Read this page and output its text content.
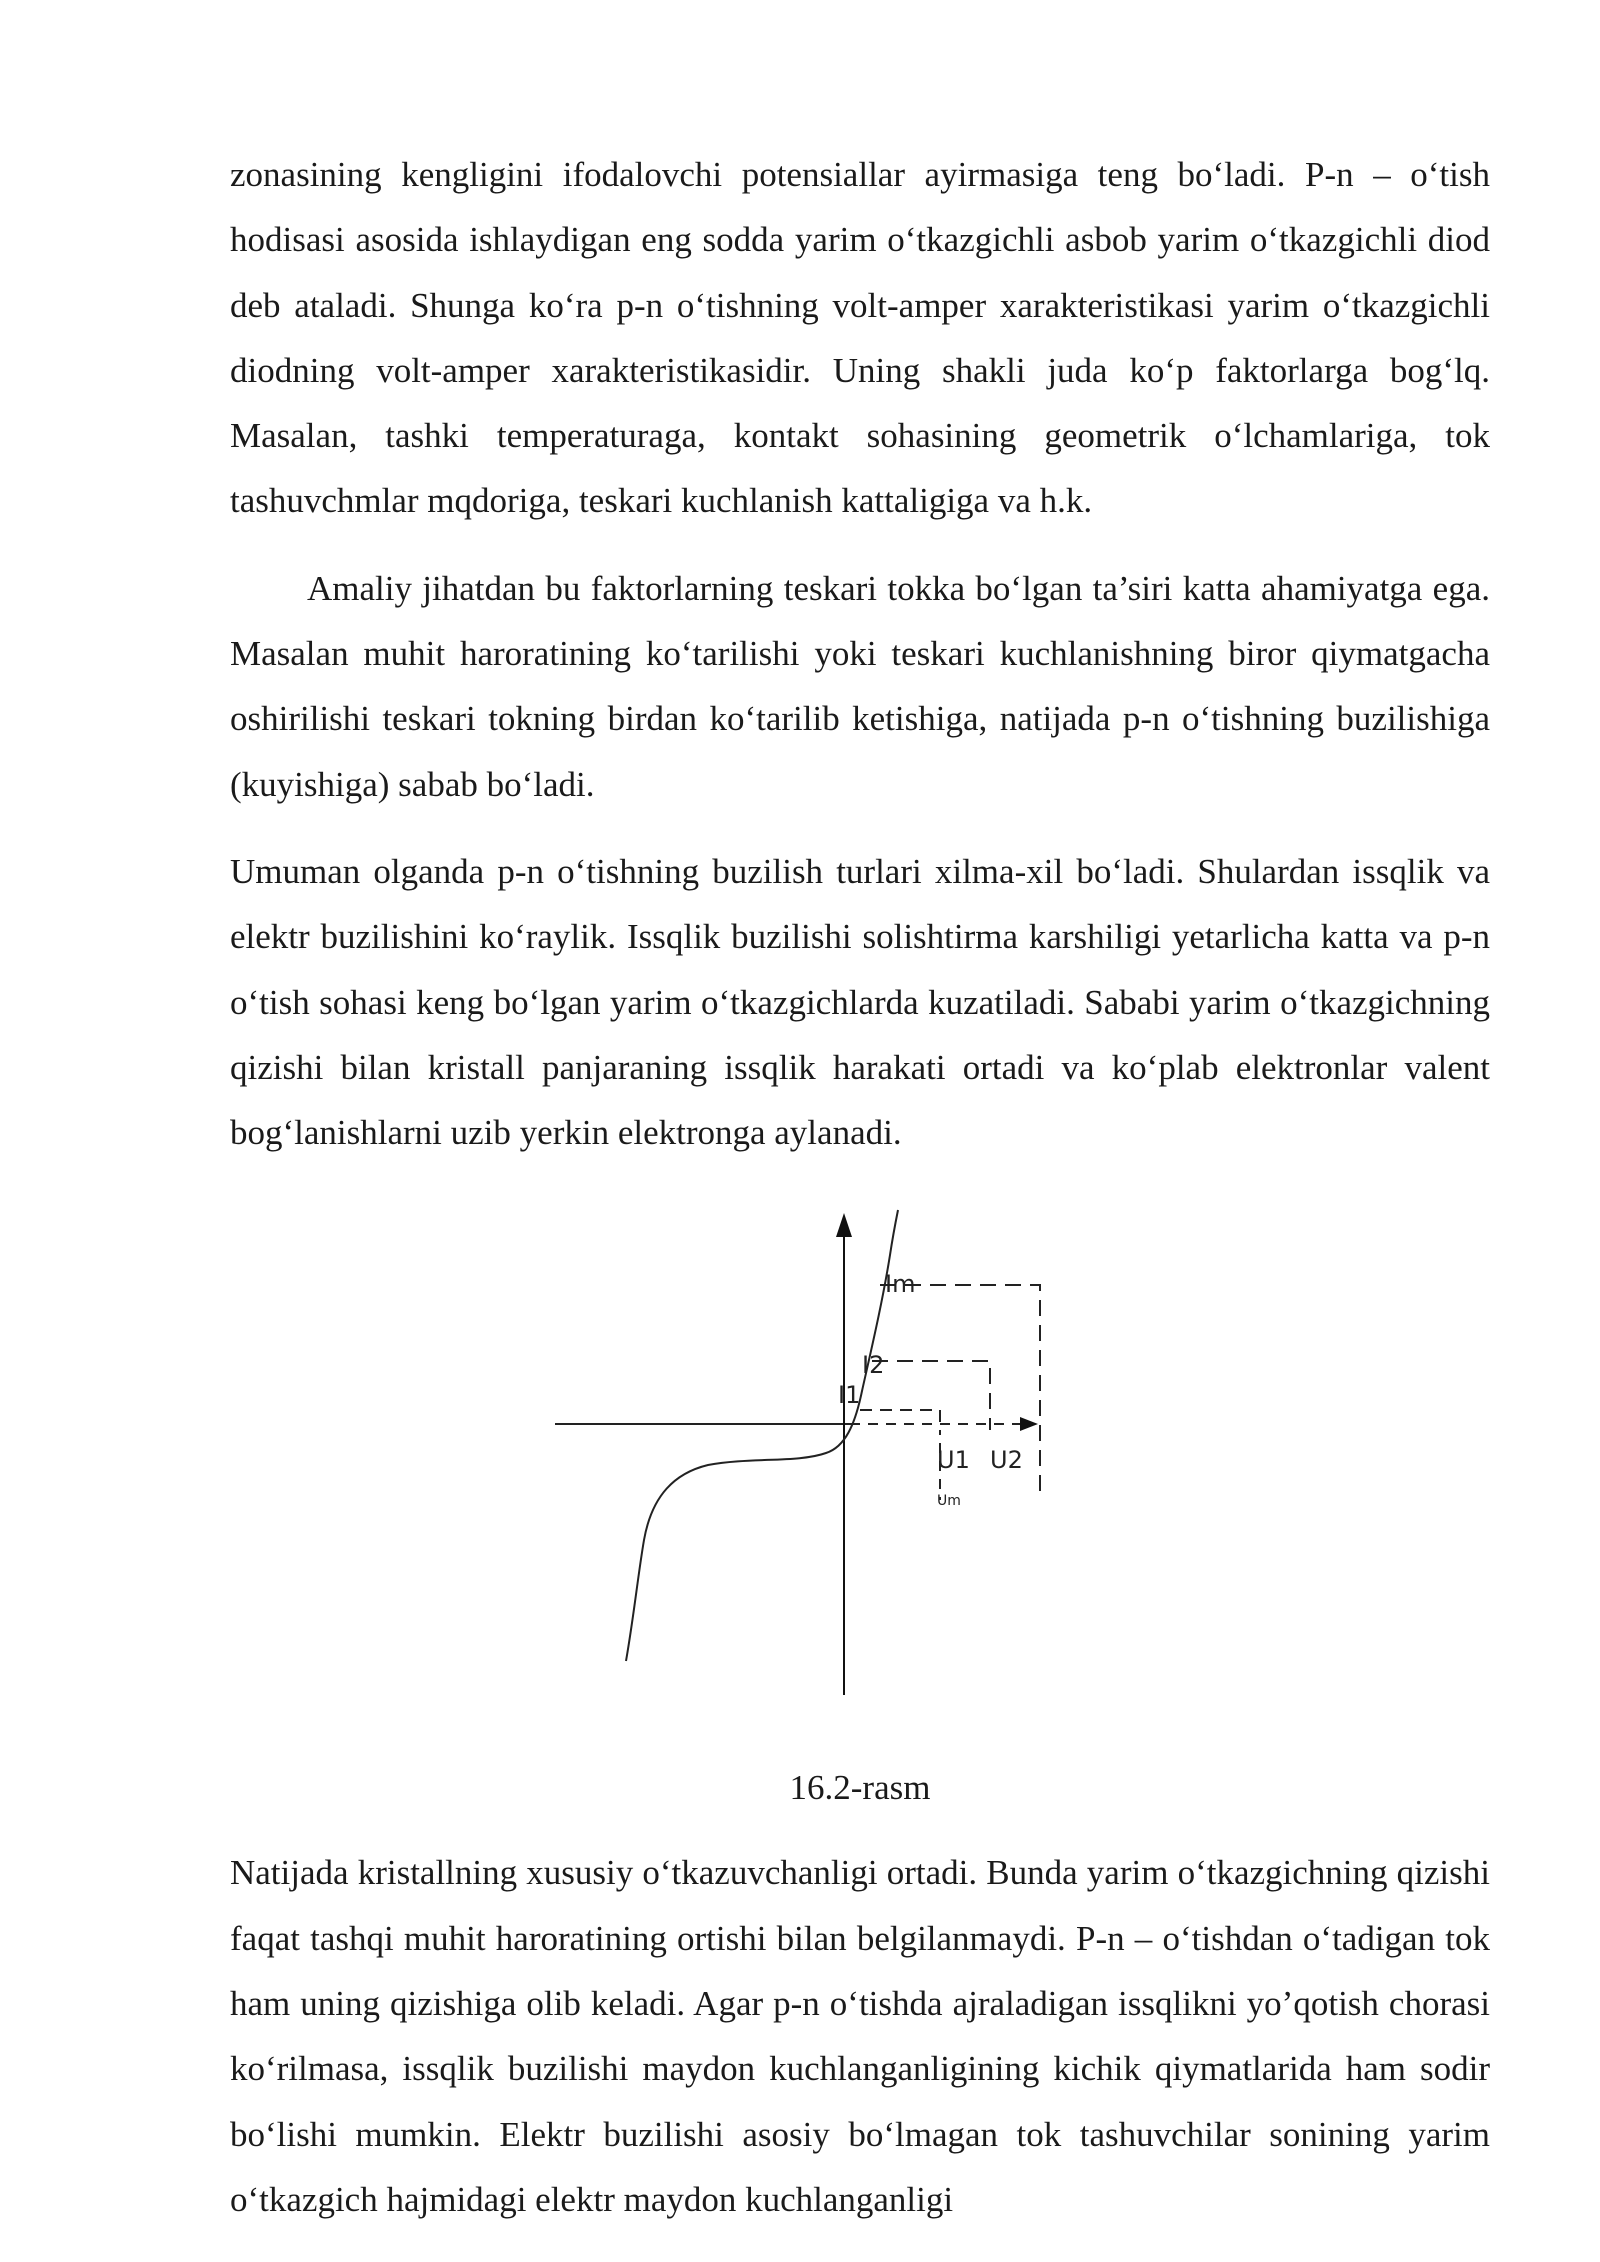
zonasining kengligini ifodalovchi potensiallar ayirmasiga teng bo‘ladi. P-n – o‘tish hodisasi asosida ishlaydigan eng sodda yarim o‘tkazgichli asbob yarim o‘tkazgichli diod deb ataladi. Shunga ko‘ra p-n o‘tishning volt-amper xarakteristikasi yarim o‘tkazgichli diodning volt-amper xarakteristikasidir. Uning shakli juda ko‘p faktorlarga bog‘lq. Masalan, tashki temperaturaga, kontakt sohasining geometrik o‘lchamlariga, tok tashuvchmlar mqdoriga, teskari kuchlanish kattaligiga va h.k.

Amaliy jihatdan bu faktorlarning teskari tokka bo‘lgan ta’siri katta ahamiyatga ega. Masalan muhit haroratining ko‘tarilishi yoki teskari kuchlanishning biror qiymatgacha oshirilishi teskari tokning birdan ko‘tarilib ketishiga, natijada p-n o‘tishning buzilishiga (kuyishiga) sabab bo‘ladi.

Umuman olganda p-n o‘tishning buzilish turlari xilma-xil bo‘ladi. Shulardan issqlik va elektr buzilishini ko‘raylik. Issqlik buzilishi solishtirma karshiligi yetarlicha katta va p-n o‘tish sohasi keng bo‘lgan yarim o‘tkazgichlarda kuzatiladi. Sababi yarim o‘tkazgichning qizishi bilan kristall panjaraning issqlik harakati ortadi va ko‘plab elektronlar valent bog‘lanishlarni uzib yerkin elektronga aylanadi.

Im
I2
I1
U1 U2
Um

16.2-rasm

Natijada kristallning xususiy o‘tkazuvchanligi ortadi. Bunda yarim o‘tkazgichning qizishi faqat tashqi muhit haroratining ortishi bilan belgilanmaydi. P-n – o‘tishdan o‘tadigan tok ham uning qizishiga olib keladi. Agar p-n o‘tishda ajraladigan issqlikni yo’qotish chorasi ko‘rilmasa, issqlik buzilishi maydon kuchlanganligining kichik qiymatlarida ham sodir bo‘lishi mumkin. Elektr buzilishi asosiy bo‘lmagan tok tashuvchilar sonining yarim o‘tkazgich hajmidagi elektr maydon kuchlanganligi
